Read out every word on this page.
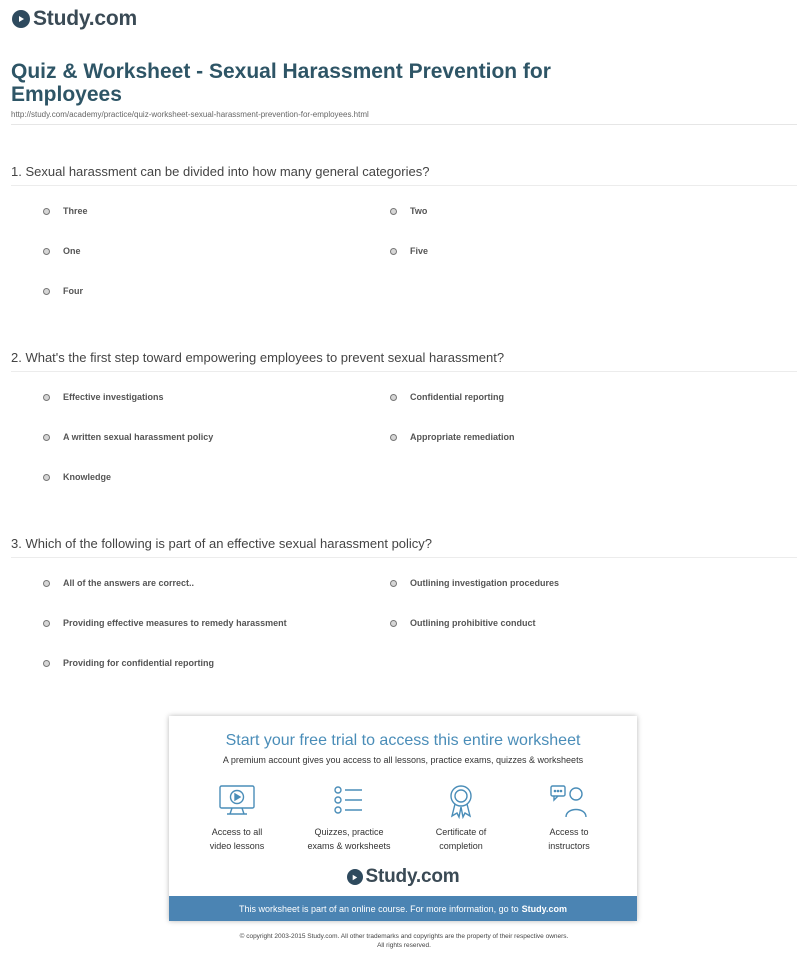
Study.com
Quiz & Worksheet - Sexual Harassment Prevention for Employees
http://study.com/academy/practice/quiz-worksheet-sexual-harassment-prevention-for-employees.html
1. Sexual harassment can be divided into how many general categories?
Three	Two
One	Five
Four
2. What's the first step toward empowering employees to prevent sexual harassment?
Effective investigations	Confidential reporting
A written sexual harassment policy	Appropriate remediation
Knowledge
3. Which of the following is part of an effective sexual harassment policy?
All of the answers are correct..	Outlining investigation procedures
Providing effective measures to remedy harassment	Outlining prohibitive conduct
Providing for confidential reporting
Start your free trial to access this entire worksheet
A premium account gives you access to all lessons, practice exams, quizzes & worksheets
Access to all
video lessons
Quizzes, practice
exams & worksheets
Certificate of
completion
Access to
instructors
Study.com
This worksheet is part of an online course. For more information, go to Study.com
© copyright 2003-2015 Study.com. All other trademarks and copyrights are the property of their respective owners.
All rights reserved.
